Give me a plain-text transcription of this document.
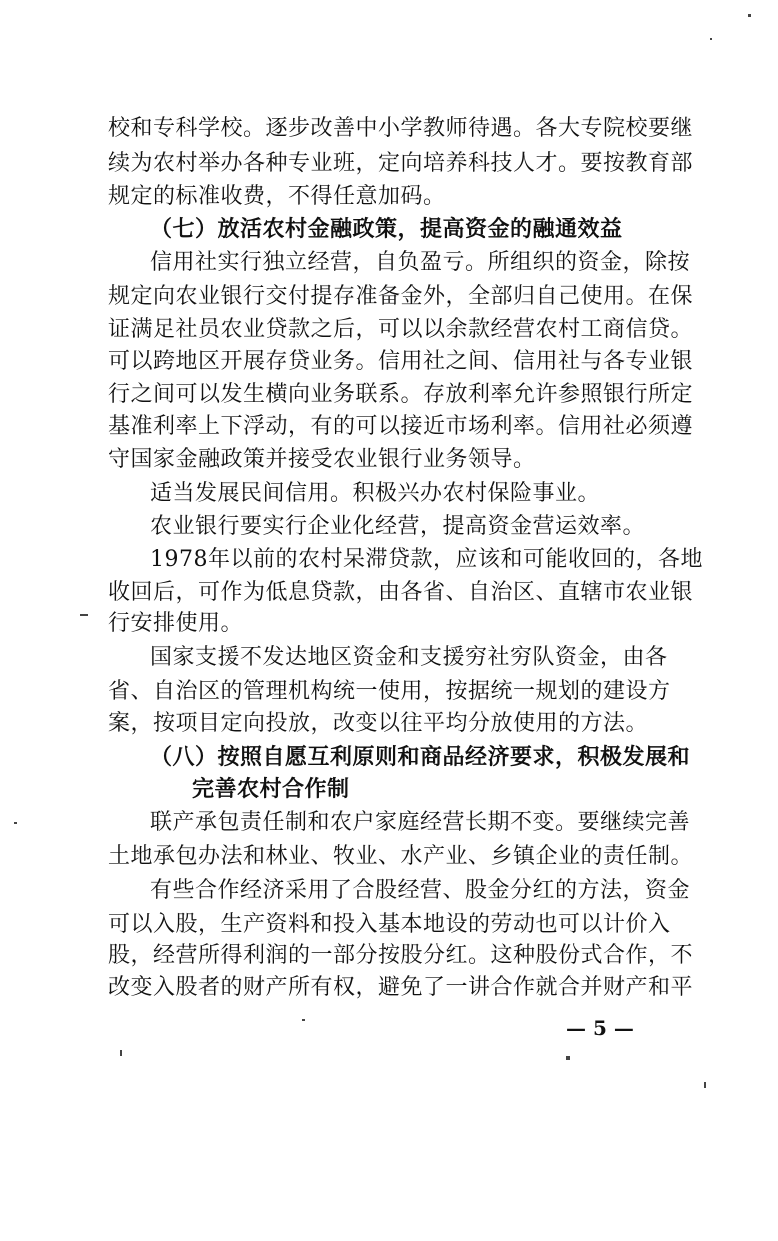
校和专科学校。逐步改善中小学教师待遇。各大专院校要继
续为农村举办各种专业班，定向培养科技人才。要按教育部
规定的标准收费，不得任意加码。
（七）放活农村金融政策，提高资金的融通效益
信用社实行独立经营，自负盈亏。所组织的资金，除按
规定向农业银行交付提存准备金外，全部归自己使用。在保
证满足社员农业贷款之后，可以以余款经营农村工商信贷。
可以跨地区开展存贷业务。信用社之间、信用社与各专业银
行之间可以发生横向业务联系。存放利率允许参照银行所定
基准利率上下浮动，有的可以接近市场利率。信用社必须遵
守国家金融政策并接受农业银行业务领导。
适当发展民间信用。积极兴办农村保险事业。
农业银行要实行企业化经营，提高资金营运效率。
1978年以前的农村呆滞贷款，应该和可能收回的，各地
收回后，可作为低息贷款，由各省、自治区、直辖市农业银
行安排使用。
国家支援不发达地区资金和支援穷社穷队资金，由各
省、自治区的管理机构统一使用，按据统一规划的建设方
案，按项目定向投放，改变以往平均分放使用的方法。
（八）按照自愿互利原则和商品经济要求，积极发展和
完善农村合作制
联产承包责任制和农户家庭经营长期不变。要继续完善
土地承包办法和林业、牧业、水产业、乡镇企业的责任制。
有些合作经济采用了合股经营、股金分红的方法，资金
可以入股，生产资料和投入基本地设的劳动也可以计价入
股，经营所得利润的一部分按股分红。这种股份式合作，不
改变入股者的财产所有权，避免了一讲合作就合并财产和平
— 5 —
